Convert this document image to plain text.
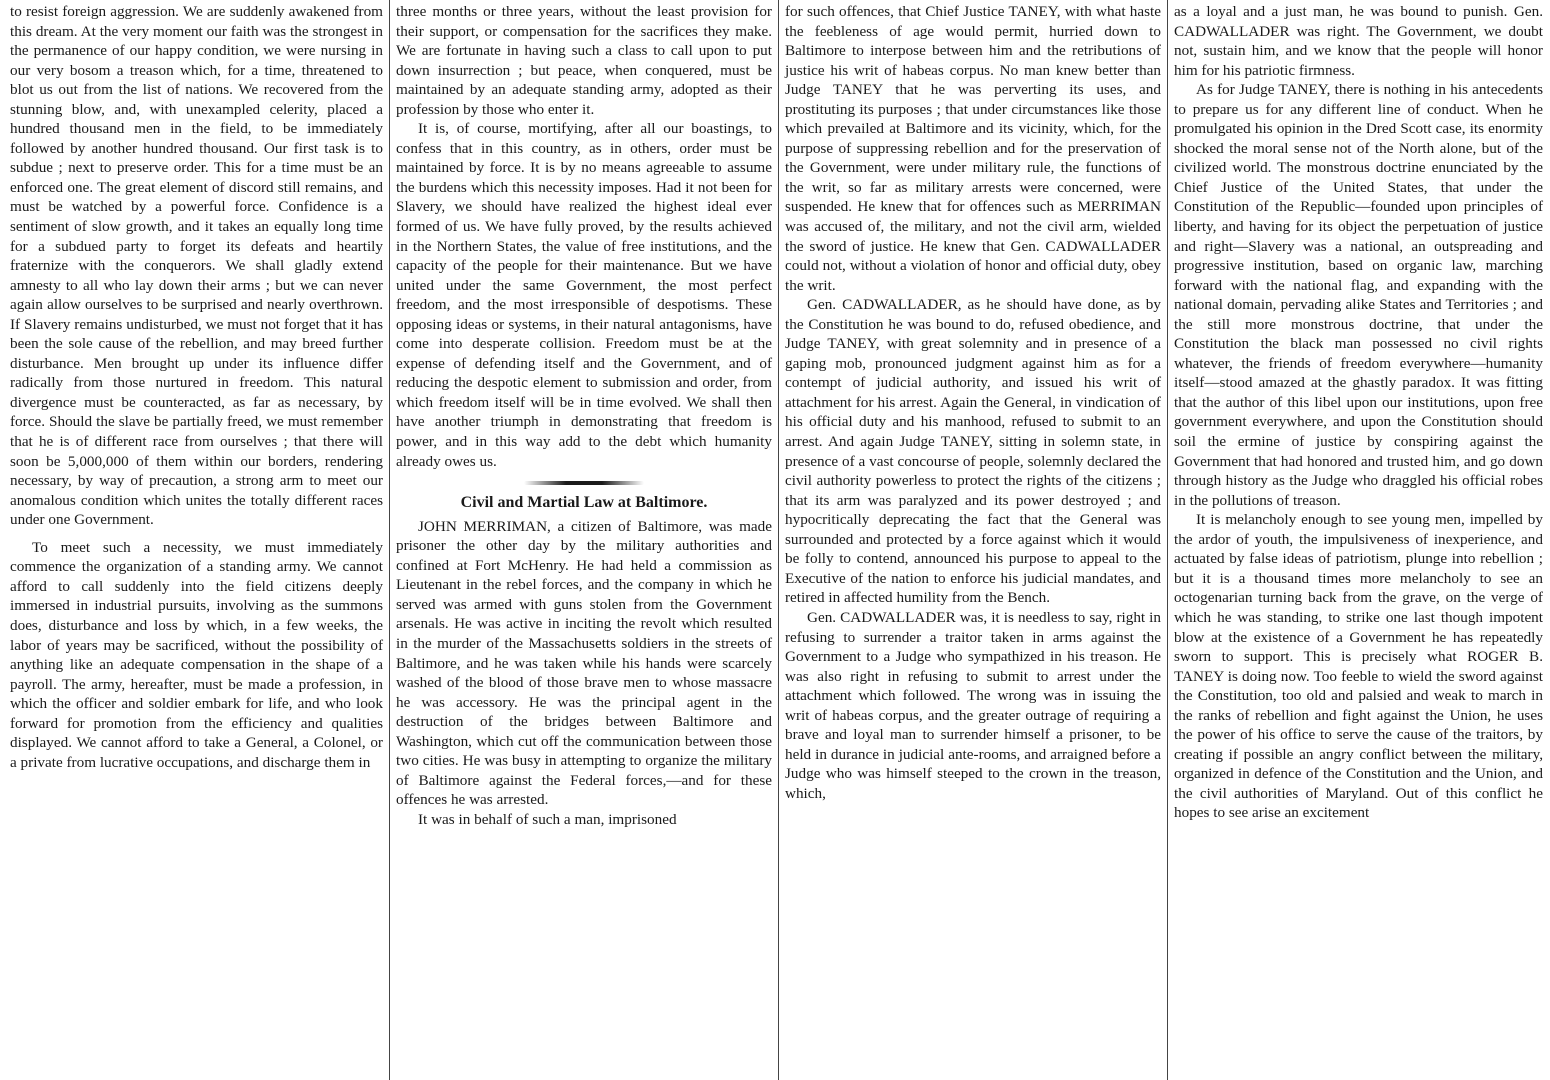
to resist foreign aggression. We are suddenly awakened from this dream. At the very moment our faith was the strongest in the permanence of our happy condition, we were nursing in our very bosom a treason which, for a time, threatened to blot us out from the list of nations. We recovered from the stunning blow, and, with unexampled celerity, placed a hundred thousand men in the field, to be immediately followed by another hundred thousand. Our first task is to subdue ; next to preserve order. This for a time must be an enforced one. The great element of discord still remains, and must be watched by a powerful force. Confidence is a sentiment of slow growth, and it takes an equally long time for a subdued party to forget its defeats and heartily fraternize with the conquerors. We shall gladly extend amnesty to all who lay down their arms ; but we can never again allow ourselves to be surprised and nearly overthrown. If Slavery remains undisturbed, we must not forget that it has been the sole cause of the rebellion, and may breed further disturbance. Men brought up under its influence differ radically from those nurtured in freedom. This natural divergence must be counteracted, as far as necessary, by force. Should the slave be partially freed, we must remember that he is of different race from ourselves ; that there will soon be 5,000,000 of them within our borders, rendering necessary, by way of precaution, a strong arm to meet our anomalous condition which unites the totally different races under one Government.

To meet such a necessity, we must immediately commence the organization of a standing army. We cannot afford to call suddenly into the field citizens deeply immersed in industrial pursuits, involving as the summons does, disturbance and loss by which, in a few weeks, the labor of years may be sacrificed, without the possibility of anything like an adequate compensation in the shape of a payroll. The army, hereafter, must be made a profession, in which the officer and soldier embark for life, and who look forward for promotion from the efficiency and qualities displayed. We cannot afford to take a General, a Colonel, or a private from lucrative occupations, and discharge them in

three months or three years, without the least provision for their support, or compensation for the sacrifices they make. We are fortunate in having such a class to call upon to put down insurrection ; but peace, when conquered, must be maintained by an adequate standing army, adopted as their profession by those who enter it.

It is, of course, mortifying, after all our boastings, to confess that in this country, as in others, order must be maintained by force. It is by no means agreeable to assume the burdens which this necessity imposes. Had it not been for Slavery, we should have realized the highest ideal ever formed of us. We have fully proved, by the results achieved in the Northern States, the value of free institutions, and the capacity of the people for their maintenance. But we have united under the same Government, the most perfect freedom, and the most irresponsible of despotisms. These opposing ideas or systems, in their natural antagonisms, have come into desperate collision. Freedom must be at the expense of defending itself and the Government, and of reducing the despotic element to submission and order, from which freedom itself will be in time evolved. We shall then have another triumph in demonstrating that freedom is power, and in this way add to the debt which humanity already owes us.

Civil and Martial Law at Baltimore.

JOHN MERRIMAN, a citizen of Baltimore, was made prisoner the other day by the military authorities and confined at Fort McHenry. He had held a commission as Lieutenant in the rebel forces, and the company in which he served was armed with guns stolen from the Government arsenals. He was active in inciting the revolt which resulted in the murder of the Massachusetts soldiers in the streets of Baltimore, and he was taken while his hands were scarcely washed of the blood of those brave men to whose massacre he was accessory. He was the principal agent in the destruction of the bridges between Baltimore and Washington, which cut off the communication between those two cities. He was busy in attempting to organize the military of Baltimore against the Federal forces,—and for these offences he was arrested.

It was in behalf of such a man, imprisoned

for such offences, that Chief Justice TANEY, with what haste the feebleness of age would permit, hurried down to Baltimore to interpose between him and the retributions of justice his writ of habeas corpus. No man knew better than Judge TANEY that he was perverting its uses, and prostituting its purposes ; that under circumstances like those which prevailed at Baltimore and its vicinity, which, for the purpose of suppressing rebellion and for the preservation of the Government, were under military rule, the functions of the writ, so far as military arrests were concerned, were suspended. He knew that for offences such as MERRIMAN was accused of, the military, and not the civil arm, wielded the sword of justice. He knew that Gen. CADWALLADER could not, without a violation of honor and official duty, obey the writ.

Gen. CADWALLADER, as he should have done, as by the Constitution he was bound to do, refused obedience, and Judge TANEY, with great solemnity and in presence of a gaping mob, pronounced judgment against him as for a contempt of judicial authority, and issued his writ of attachment for his arrest. Again the General, in vindication of his official duty and his manhood, refused to submit to an arrest. And again Judge TANEY, sitting in solemn state, in presence of a vast concourse of people, solemnly declared the civil authority powerless to protect the rights of the citizens ; that its arm was paralyzed and its power destroyed ; and hypocritically deprecating the fact that the General was surrounded and protected by a force against which it would be folly to contend, announced his purpose to appeal to the Executive of the nation to enforce his judicial mandates, and retired in affected humility from the Bench.

Gen. CADWALLADER was, it is needless to say, right in refusing to surrender a traitor taken in arms against the Government to a Judge who sympathized in his treason. He was also right in refusing to submit to arrest under the attachment which followed. The wrong was in issuing the writ of habeas corpus, and the greater outrage of requiring a brave and loyal man to surrender himself a prisoner, to be held in durance in judicial ante-rooms, and arraigned before a Judge who was himself steeped to the crown in the treason, which,

as a loyal and a just man, he was bound to punish. Gen. CADWALLADER was right. The Government, we doubt not, sustain him, and we know that the people will honor him for his patriotic firmness.

As for Judge TANEY, there is nothing in his antecedents to prepare us for any different line of conduct. When he promulgated his opinion in the Dred Scott case, its enormity shocked the moral sense not of the North alone, but of the civilized world. The monstrous doctrine enunciated by the Chief Justice of the United States, that under the Constitution of the Republic—founded upon principles of liberty, and having for its object the perpetuation of justice and right—Slavery was a national, an outspreading and progressive institution, based on organic law, marching forward with the national flag, and expanding with the national domain, pervading alike States and Territories ; and the still more monstrous doctrine, that under the Constitution the black man possessed no civil rights whatever, the friends of freedom everywhere—humanity itself—stood amazed at the ghastly paradox. It was fitting that the author of this libel upon our institutions, upon free government everywhere, and upon the Constitution should soil the ermine of justice by conspiring against the Government that had honored and trusted him, and go down through history as the Judge who draggled his official robes in the pollutions of treason.

It is melancholy enough to see young men, impelled by the ardor of youth, the impulsiveness of inexperience, and actuated by false ideas of patriotism, plunge into rebellion ; but it is a thousand times more melancholy to see an octogenarian turning back from the grave, on the verge of which he was standing, to strike one last though impotent blow at the existence of a Government he has repeatedly sworn to support. This is precisely what ROGER B. TANEY is doing now. Too feeble to wield the sword against the Constitution, too old and palsied and weak to march in the ranks of rebellion and fight against the Union, he uses the power of his office to serve the cause of the traitors, by creating if possible an angry conflict between the military, organized in defence of the Constitution and the Union, and the civil authorities of Maryland. Out of this conflict he hopes to see arise an excitement
